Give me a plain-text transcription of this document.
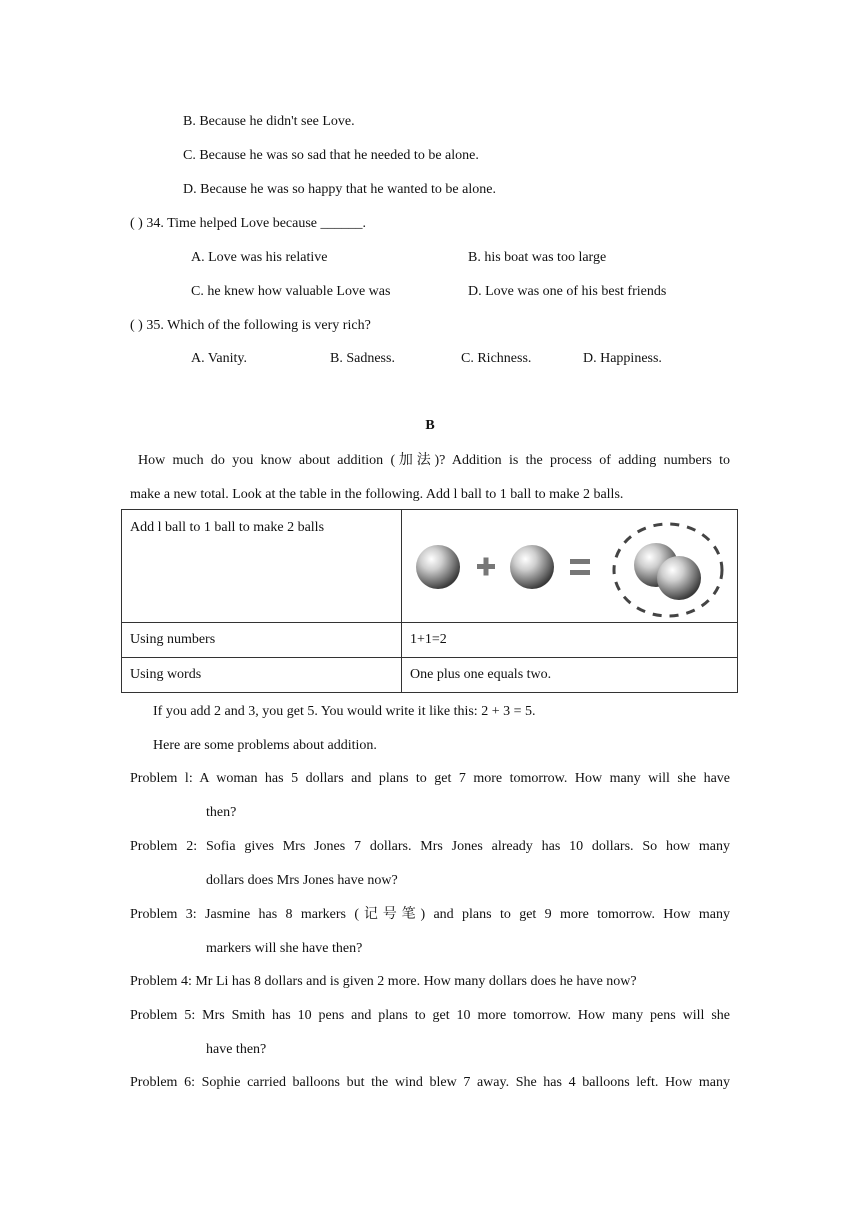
B. Because he didn't see Love.
C. Because he was so sad that he needed to be alone.
D. Because he was so happy that he wanted to be alone.
( ) 34. Time helped Love because ______.
A. Love was his relative	B. his boat was too large
C. he knew how valuable Love was	D. Love was one of his best friends
( ) 35. Which of the following is very rich?
A. Vanity.	B. Sadness.	C. Richness.	D. Happiness.
B
How much do you know about addition (加法)? Addition is the process of adding numbers to
make a new total. Look at the table in the following. Add l ball to 1 ball to make 2 balls.
Add l ball to 1 ball to make 2 balls	

Using numbers	1+1=2
Using words	One plus one equals two.
If you add 2 and 3, you get 5. You would write it like this: 2 + 3 = 5.
Here are some problems about addition.
Problem l: A woman has 5 dollars and plans to get 7 more tomorrow. How many will she have
then?
Problem 2: Sofia gives Mrs Jones 7 dollars. Mrs Jones already has 10 dollars. So how many
dollars does Mrs Jones have now?
Problem 3: Jasmine has 8 markers (记号笔) and plans to get 9 more tomorrow. How many
markers will she have then?
Problem 4: Mr Li has 8 dollars and is given 2 more. How many dollars does he have now?
Problem 5: Mrs Smith has 10 pens and plans to get 10 more tomorrow. How many pens will she
have then?
Problem 6: Sophie carried balloons but the wind blew 7 away. She has 4 balloons left. How many
